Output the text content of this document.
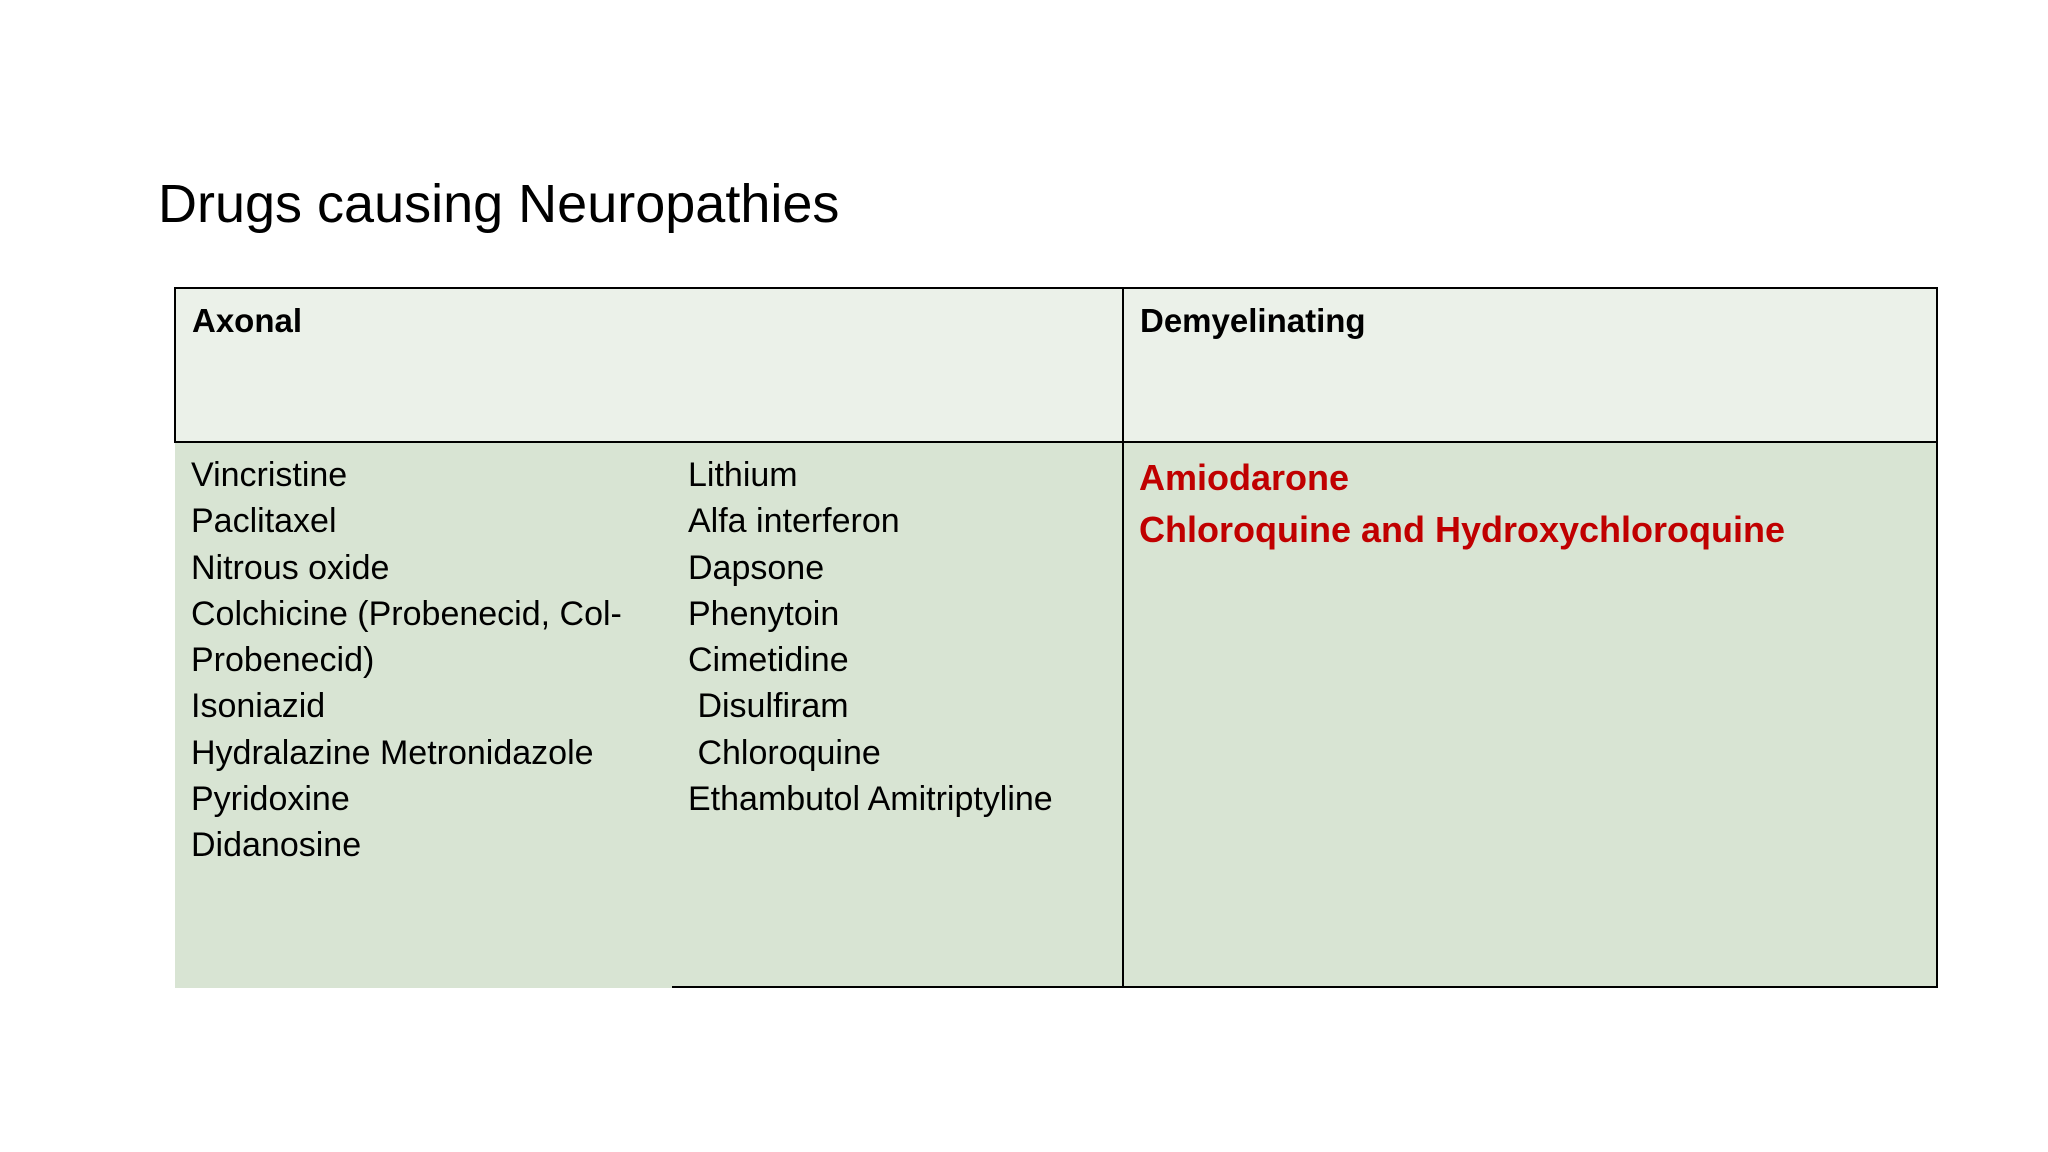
Drugs causing Neuropathies
Axonal	Demyelinating
Vincristine
Paclitaxel
Nitrous oxide
Colchicine (Probenecid, Col-Probenecid)
Isoniazid
Hydralazine Metronidazole
Pyridoxine
Didanosine
Lithium
Alfa interferon
Dapsone
Phenytoin
Cimetidine
Disulfiram
Chloroquine
Ethambutol Amitriptyline
Amiodarone
Chloroquine and Hydroxychloroquine
